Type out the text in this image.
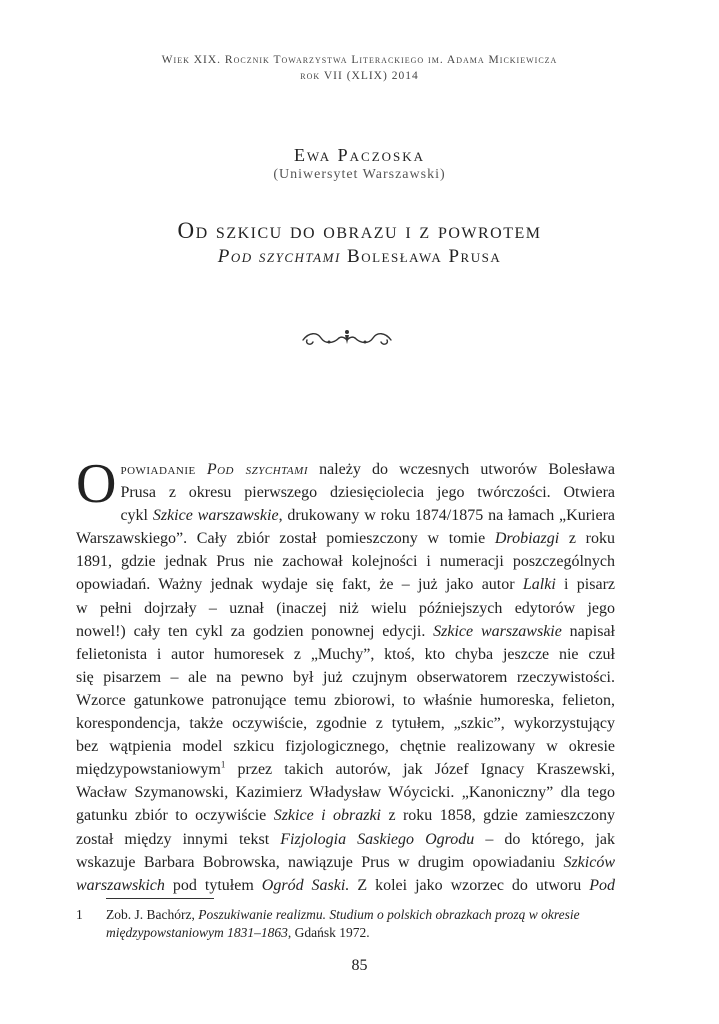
Wiek XIX. Rocznik Towarzystwa Literackiego im. Adama Mickiewicza
rok VII (XLIX) 2014
Ewa Paczoska
(Uniwersytet Warszawski)
Od szkicu do obrazu i z powrotem
Pod szychtami Bolesława Prusa
O powiadanie Pod szychtami należy do wczesnych utworów Bolesława
Prusa z okresu pierwszego dziesięciolecia jego twórczości. Otwiera
cykl Szkice warszawskie, drukowany w roku 1874/1875 na łamach „Kuriera
Warszawskiego”. Cały zbiór został pomieszczony w tomie Drobiazgi z roku
1891, gdzie jednak Prus nie zachował kolejności i numeracji poszczególnych
opowiadań. Ważny jednak wydaje się fakt, że – już jako autor Lalki i pisarz
w pełni dojrzały – uznał (inaczej niż wielu późniejszych edytorów jego
nowel!) cały ten cykl za godzien ponownej edycji. Szkice warszawskie napisał
felietonista i autor humoresek z „Muchy”, ktoś, kto chyba jeszcze nie czuł
się pisarzem – ale na pewno był już czujnym obserwatorem rzeczywistości.
Wzorce gatunkowe patronujące temu zbiorowi, to właśnie humoreska, felieton,
korespondencja, także oczywiście, zgodnie z tytułem, „szkic”, wykorzystujący
bez wątpienia model szkicu fizjologicznego, chętnie realizowany w okresie
międzypowstaniowym$^1$ przez takich autorów, jak Józef Ignacy Kraszewski,
Wacław Szymanowski, Kazimierz Władysław Wóycicki. „Kanoniczny” dla tego
gatunku zbiór to oczywiście Szkice i obrazki z roku 1858, gdzie zamieszczony
został między innymi tekst Fizjologia Saskiego Ogrodu – do którego, jak
wskazuje Barbara Bobrowska, nawiązuje Prus w drugim opowiadaniu Szkiców
warszawskich pod tytułem Ogród Saski. Z kolei jako wzorzec do utworu Pod
1 Zob. J. Bachórz, Poszukiwanie realizmu. Studium o polskich obrazkach prozą w okresie międzypowstaniowym 1831–1863, Gdańsk 1972.
85
